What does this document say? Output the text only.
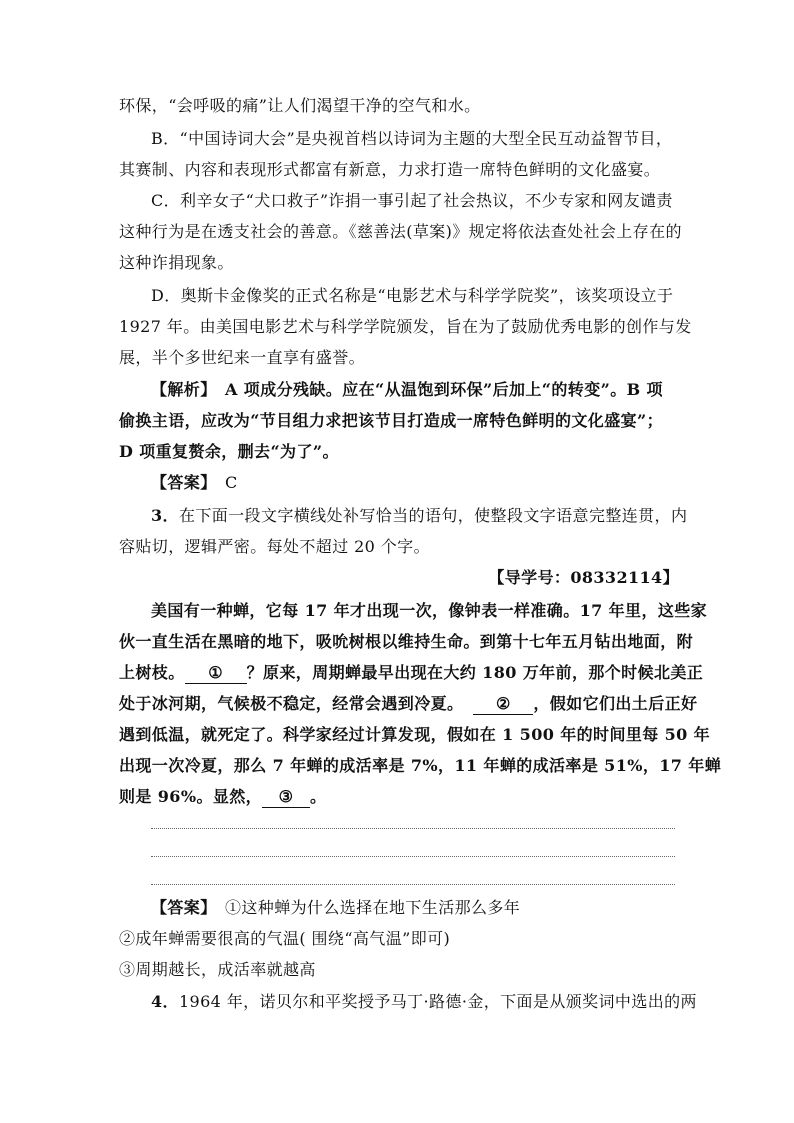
环保，“会呼吸的痛”让人们渴望干净的空气和水。
B．“中国诗词大会”是央视首档以诗词为主题的大型全民互动益智节目，
其赛制、内容和表现形式都富有新意，力求打造一席特色鲜明的文化盛宴。
C．利辛女子“犬口救子”诈捐一事引起了社会热议，不少专家和网友谴责
这种行为是在透支社会的善意。《慈善法(草案)》规定将依法查处社会上存在的
这种诈捐现象。
D．奥斯卡金像奖的正式名称是“电影艺术与科学学院奖”，该奖项设立于
1927 年。由美国电影艺术与科学学院颁发，旨在为了鼓励优秀电影的创作与发
展，半个多世纪来一直享有盛誉。
【解析】　A 项成分残缺。应在“从温饱到环保”后加上“的转变”。B 项
偷换主语，应改为“节目组力求把该节目打造成一席特色鲜明的文化盛宴”；
D 项重复赘余，删去“为了”。
【答案】　C
3．在下面一段文字横线处补写恰当的语句，使整段文字语意完整连贯，内
容贴切，逻辑严密。每处不超过 20 个字。
【导学号：08332114】
美国有一种蝉，它每 17 年才出现一次，像钟表一样准确。17 年里，这些家
伙一直生活在黑暗的地下，吸吮树根以维持生命。到第十七年五月钻出地面，附
上树枝。 ① ？原来，周期蝉最早出现在大约 180 万年前，那个时候北美正
处于冰河期，气候极不稳定，经常会遇到冷夏。 ② ，假如它们出土后正好
遇到低温，就死定了。科学家经过计算发现，假如在 1 500 年的时间里每 50 年
出现一次冷夏，那么 7 年蝉的成活率是 7%，11 年蝉的成活率是 51%，17 年蝉
则是 96%。显然， ③ 。
【答案】　①这种蝉为什么选择在地下生活那么多年
②成年蝉需要很高的气温( 围绕“高气温”即可)
③周期越长，成活率就越高
4．1964 年，诺贝尔和平奖授予马丁·路德·金，下面是从颁奖词中选出的两
